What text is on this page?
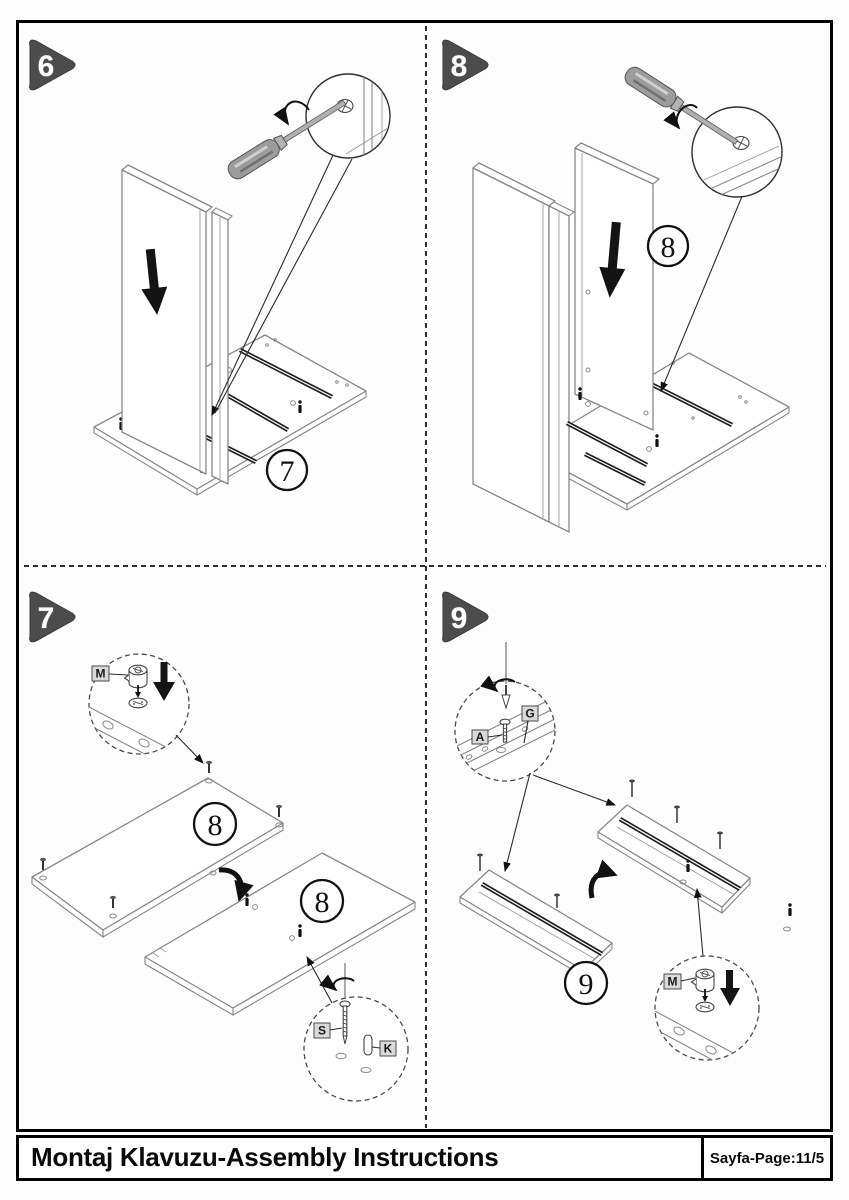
6
7
8
8
M
8
8
S
K
7
A
G
9	M
9
Montaj Klavuzu-Assembly Instructions	Sayfa-Page:11/5
